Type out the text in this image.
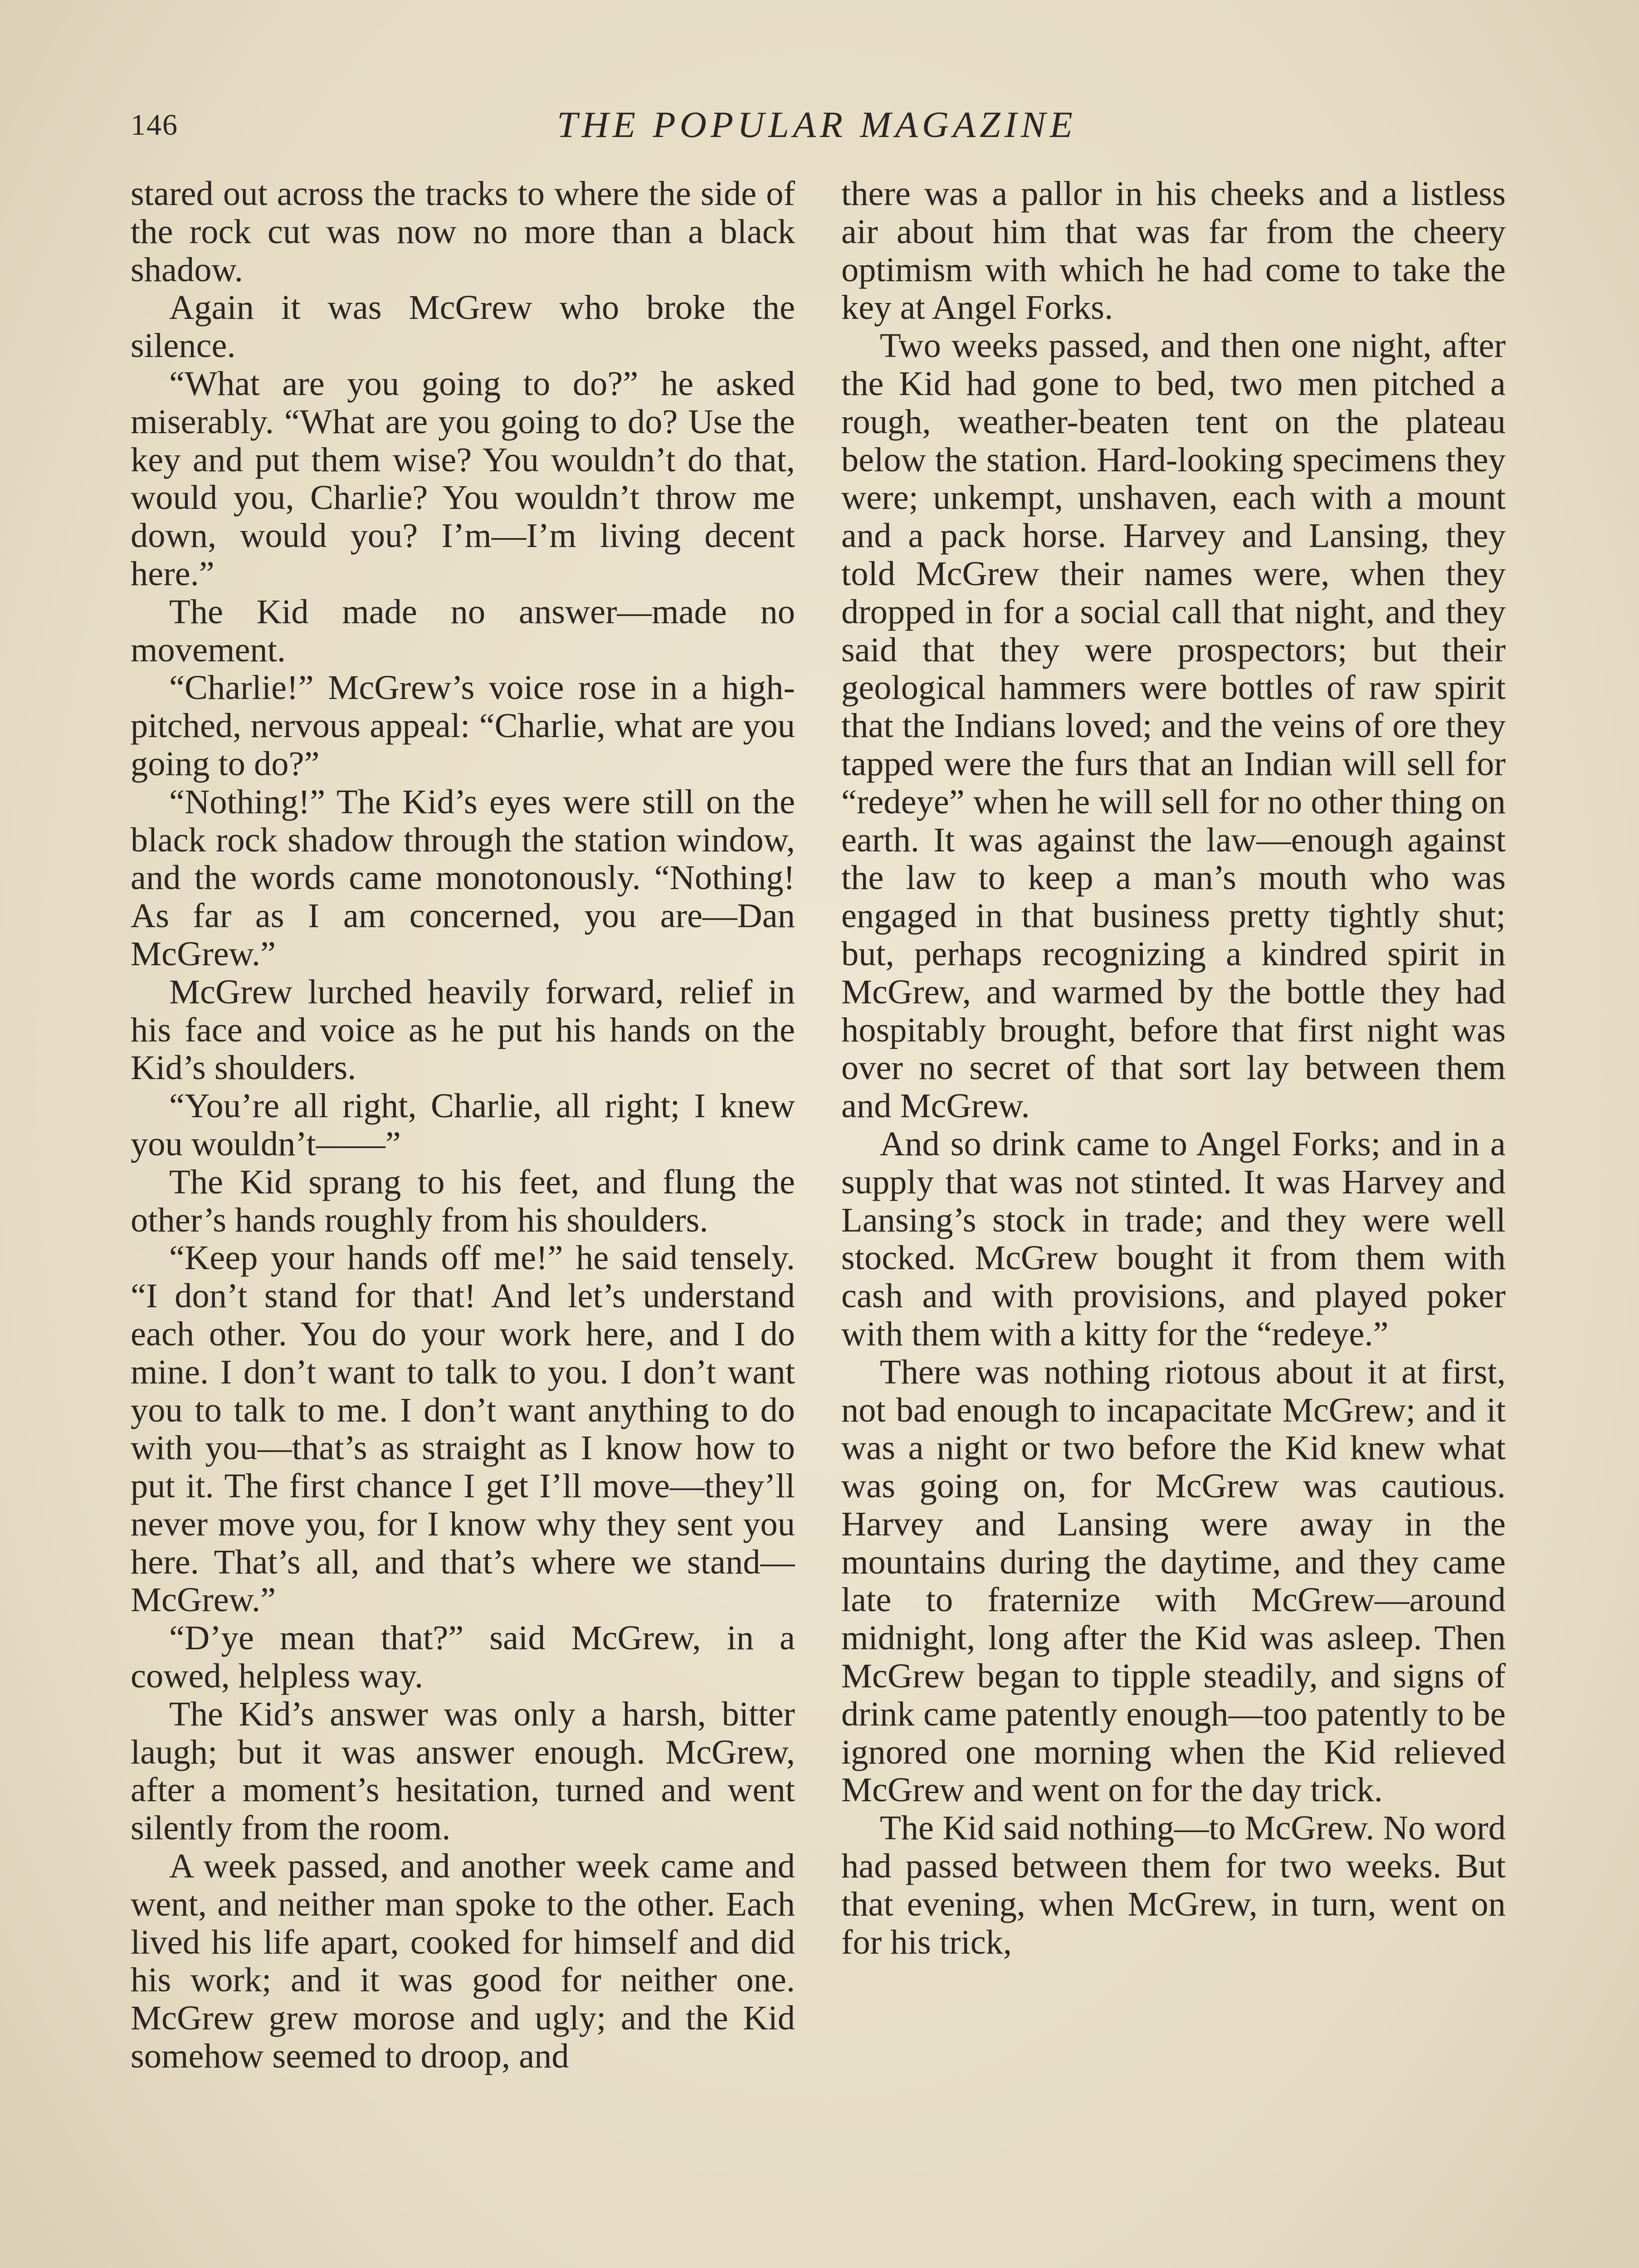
146	THE POPULAR MAGAZINE

stared out across the tracks to where the side of the rock cut was now no more than a black shadow.

Again it was McGrew who broke the silence.

“What are you going to do?” he asked miserably. “What are you going to do? Use the key and put them wise? You wouldn’t do that, would you, Charlie? You wouldn’t throw me down, would you? I’m—I’m living decent here.”

The Kid made no answer—made no movement.

“Charlie!” McGrew’s voice rose in a high-pitched, nervous appeal: “Charlie, what are you going to do?”

“Nothing!” The Kid’s eyes were still on the black rock shadow through the station window, and the words came monotonously. “Nothing! As far as I am concerned, you are—Dan McGrew.”

McGrew lurched heavily forward, relief in his face and voice as he put his hands on the Kid’s shoulders.

“You’re all right, Charlie, all right; I knew you wouldn’t——”

The Kid sprang to his feet, and flung the other’s hands roughly from his shoulders.

“Keep your hands off me!” he said tensely. “I don’t stand for that! And let’s understand each other. You do your work here, and I do mine. I don’t want to talk to you. I don’t want you to talk to me. I don’t want anything to do with you—that’s as straight as I know how to put it. The first chance I get I’ll move—they’ll never move you, for I know why they sent you here. That’s all, and that’s where we stand—McGrew.”

“D’ye mean that?” said McGrew, in a cowed, helpless way.

The Kid’s answer was only a harsh, bitter laugh; but it was answer enough. McGrew, after a moment’s hesitation, turned and went silently from the room.

A week passed, and another week came and went, and neither man spoke to the other. Each lived his life apart, cooked for himself and did his work; and it was good for neither one. McGrew grew morose and ugly; and the Kid somehow seemed to droop, and

there was a pallor in his cheeks and a listless air about him that was far from the cheery optimism with which he had come to take the key at Angel Forks.

Two weeks passed, and then one night, after the Kid had gone to bed, two men pitched a rough, weather-beaten tent on the plateau below the station. Hard-looking specimens they were; unkempt, unshaven, each with a mount and a pack horse. Harvey and Lansing, they told McGrew their names were, when they dropped in for a social call that night, and they said that they were prospectors; but their geological hammers were bottles of raw spirit that the Indians loved; and the veins of ore they tapped were the furs that an Indian will sell for “redeye” when he will sell for no other thing on earth. It was against the law—enough against the law to keep a man’s mouth who was engaged in that business pretty tightly shut; but, perhaps recognizing a kindred spirit in McGrew, and warmed by the bottle they had hospitably brought, before that first night was over no secret of that sort lay between them and McGrew.

And so drink came to Angel Forks; and in a supply that was not stinted. It was Harvey and Lansing’s stock in trade; and they were well stocked. McGrew bought it from them with cash and with provisions, and played poker with them with a kitty for the “redeye.”

There was nothing riotous about it at first, not bad enough to incapacitate McGrew; and it was a night or two before the Kid knew what was going on, for McGrew was cautious. Harvey and Lansing were away in the mountains during the daytime, and they came late to fraternize with McGrew—around midnight, long after the Kid was asleep. Then McGrew began to tipple steadily, and signs of drink came patently enough—too patently to be ignored one morning when the Kid relieved McGrew and went on for the day trick.

The Kid said nothing—to McGrew. No word had passed between them for two weeks. But that evening, when McGrew, in turn, went on for his trick,
